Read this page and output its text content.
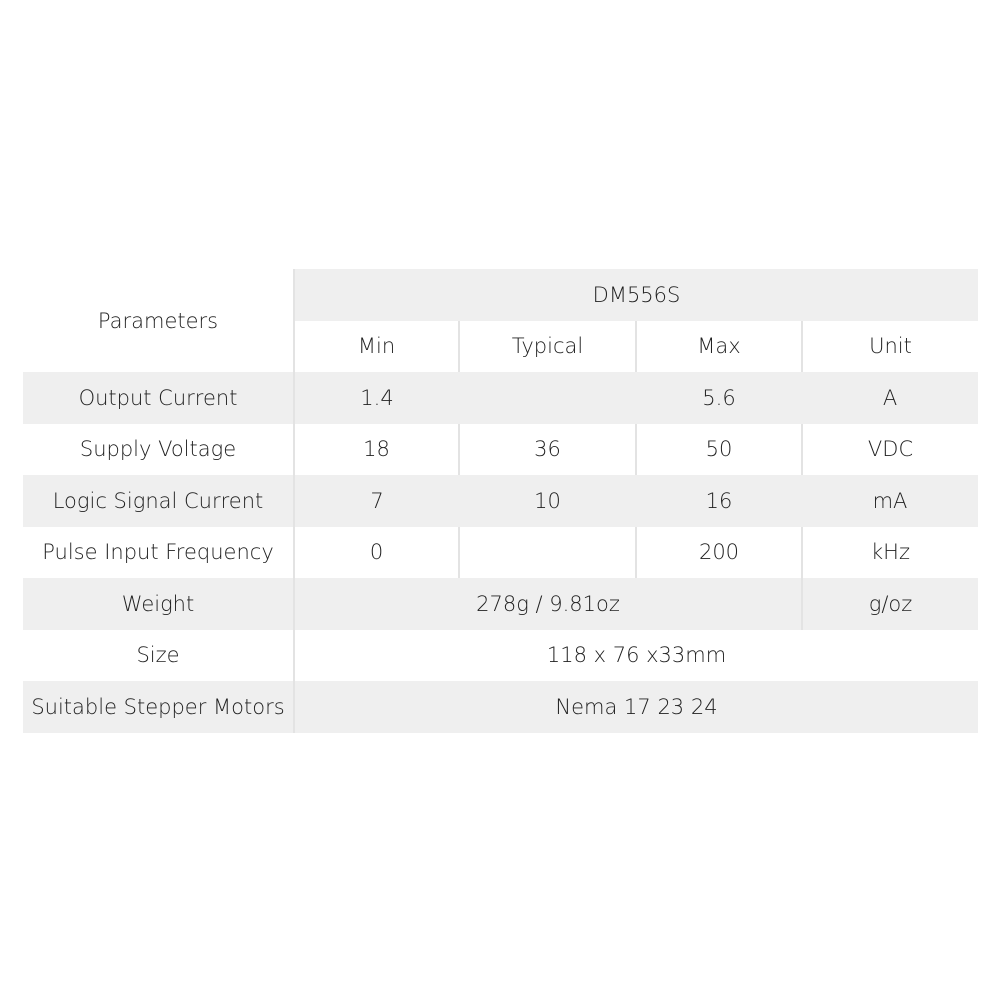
Parameters	DM556S			
	Min	Typical	Max	Unit
Output Current	1.4		5.6	A
Supply Voltage	18	36	50	VDC
Logic Signal Current	7	10	16	mA
Pulse Input Frequency	0		200	kHz
Weight	278g / 9.81oz			g/oz
Size	118 x 76 x33mm			
Suitable Stepper Motors	Nema 17 23 24			
